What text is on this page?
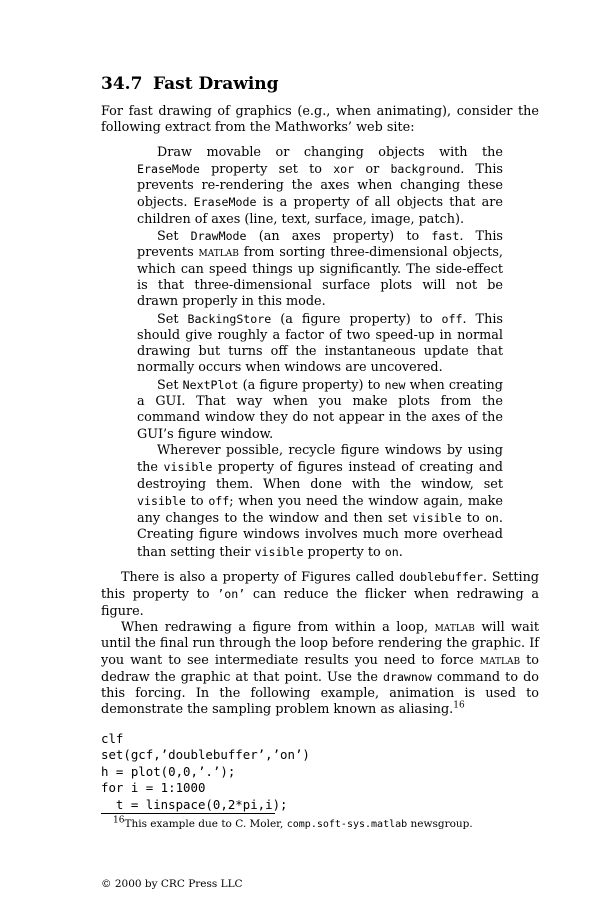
34.7 Fast Drawing

For fast drawing of graphics (e.g., when animating), consider the following extract from the Mathworks’ web site:

Draw movable or changing objects with the EraseMode property set to xor or background. This prevents re-rendering the axes when changing these objects. EraseMode is a property of all objects that are children of axes (line, text, surface, image, patch).

Set DrawMode (an axes property) to fast. This prevents matlab from sorting three-dimensional objects, which can speed things up significantly. The side-effect is that three-dimensional surface plots will not be drawn properly in this mode.

Set BackingStore (a figure property) to off. This should give roughly a factor of two speed-up in normal drawing but turns off the instantaneous update that normally occurs when windows are uncovered.

Set NextPlot (a figure property) to new when creating a GUI. That way when you make plots from the command window they do not appear in the axes of the GUI’s figure window.

Wherever possible, recycle figure windows by using the visible property of figures instead of creating and destroying them. When done with the window, set visible to off; when you need the window again, make any changes to the window and then set visible to on. Creating figure windows involves much more overhead than setting their visible property to on.

There is also a property of Figures called doublebuffer. Setting this property to ’on’ can reduce the flicker when redrawing a figure.

When redrawing a figure from within a loop, matlab will wait until the final run through the loop before rendering the graphic. If you want to see intermediate results you need to force matlab to dedraw the graphic at that point. Use the drawnow command to do this forcing. In the following example, animation is used to demonstrate the sampling problem known as aliasing.$^{16}$

clf
set(gcf,’doublebuffer’,’on’)
h = plot(0,0,’.’);
for i = 1:1000
t = linspace(0,2*pi,i);
$^{16}$This example due to C. Moler, comp.soft-sys.matlab newsgroup.
© 2000 by CRC Press LLC
